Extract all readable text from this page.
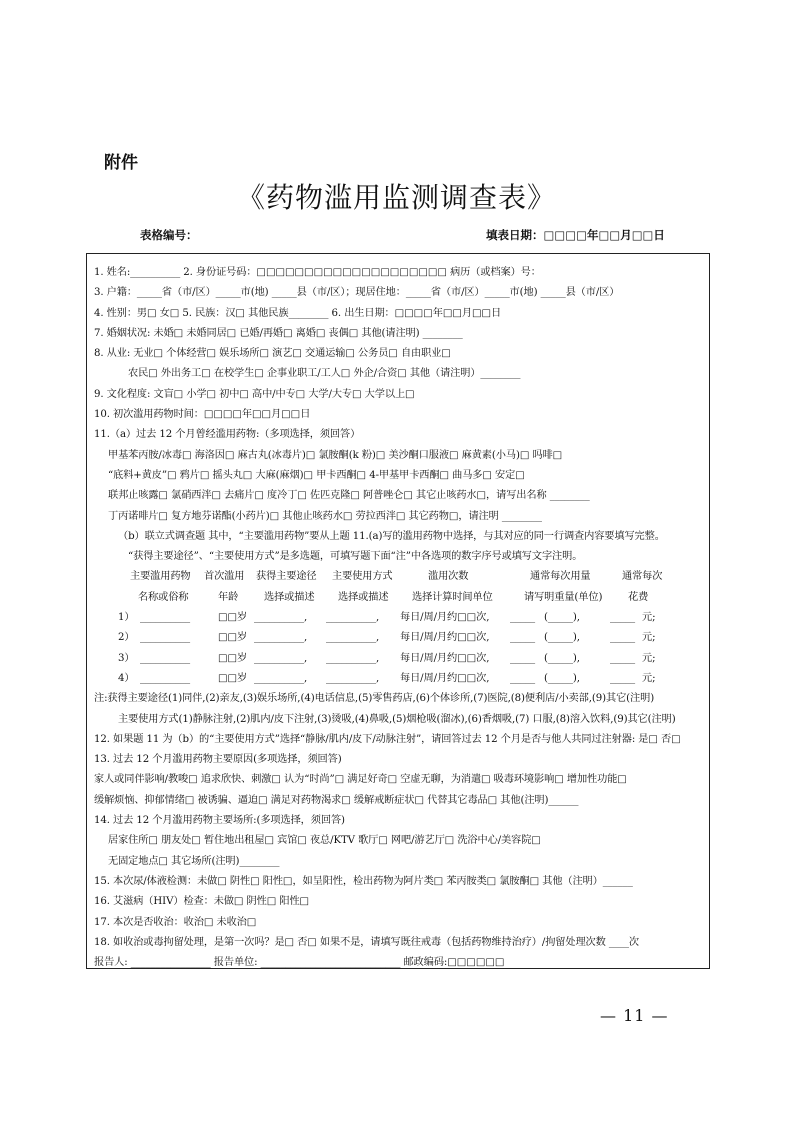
附件
《药物滥用监测调查表》
表格编号：	填表日期：□□□□年□□月□□日
1. 姓名:__________ 2. 身份证号码：□□□□□□□□□□□□□□□□□□□□ 病历（或档案）号：
3. 户籍：_____省（市/区）_____市(地) _____县（市/区）；现居住地：_____省（市/区）_____市(地) _____县（市/区）
4. 性别：男□ 女□ 5. 民族：汉□ 其他民族________ 6. 出生日期：□□□□年□□月□□日
7. 婚姻状况: 未婚□ 未婚同居□ 已婚/再婚□ 离婚□ 丧偶□ 其他(请注明) ________
8. 从业: 无业□ 个体经营□ 娱乐场所□ 演艺□ 交通运输□ 公务员□ 自由职业□
农民□ 外出务工□ 在校学生□ 企事业职工/工人□ 外企/合资□ 其他（请注明）________
9. 文化程度: 文盲□ 小学□ 初中□ 高中/中专□ 大学/大专□ 大学以上□
10. 初次滥用药物时间：□□□□年□□月□□日
11.（a）过去 12 个月曾经滥用药物:（多项选择，须回答）
甲基苯丙胺/冰毒□ 海洛因□ 麻古丸(冰毒片)□ 氯胺酮(k 粉)□ 美沙酮口服液□ 麻黄素(小马)□ 吗啡□
“底料+黄皮”□ 鸦片□ 摇头丸□ 大麻(麻烟)□ 甲卡西酮□ 4-甲基甲卡西酮□ 曲马多□ 安定□
联邦止咳露□ 氯硝西泮□ 去痛片□ 度冷丁□ 佐匹克隆□ 阿普唑仑□ 其它止咳药水□，请写出名称 ________
丁丙诺啡片□ 复方地芬诺酯(小药片)□ 其他止咳药水□ 劳拉西泮□ 其它药物□，请注明 ________
（b）联立式调查题 其中，“主要滥用药物”要从上题 11.(a)写的滥用药物中选择，与其对应的同一行调查内容要填写完整。
“获得主要途径”、“主要使用方式”是多选题，可填写题下面“注”中各选项的数字序号或填写文字注明。
主要滥用药物 首次滥用 获得主要途径 主要使用方式	滥用次数	通常每次用量	通常每次
名称或俗称	年龄	选择或描述 选择或描述 选择计算时间单位	请写明重量(单位)	花费
1） __________	□□岁 __________, __________, 每日/周/月约□□次, _____ (_____),	_____ 元;
2） __________	□□岁 __________, __________, 每日/周/月约□□次, _____ (_____),	_____ 元;
3） __________	□□岁 __________, __________, 每日/周/月约□□次, _____ (_____),	_____ 元;
4） __________	□□岁 __________, __________, 每日/周/月约□□次, _____ (_____),	_____ 元;
注:获得主要途径(1)同伴,(2)亲友,(3)娱乐场所,(4)电话信息,(5)零售药店,(6)个体诊所,(7)医院,(8)便利店/小卖部,(9)其它(注明)
主要使用方式(1)静脉注射,(2)肌内/皮下注射,(3)烫吸,(4)鼻吸,(5)烟枪吸(溜冰),(6)香烟吸,(7) 口服,(8)溶入饮料,(9)其它(注明)
12. 如果题 11 为（b）的“主要使用方式”选择“静脉/肌内/皮下/动脉注射”，请回答过去 12 个月是否与他人共同过注射器: 是□ 否□
13. 过去 12 个月滥用药物主要原因(多项选择，须回答)
家人或同伴影响/教唆□ 追求欣快、刺激□ 认为“时尚”□ 满足好奇□ 空虚无聊，为消遣□ 吸毒环境影响□ 增加性功能□
缓解烦恼、抑郁情绪□ 被诱骗、逼迫□ 满足对药物渴求□ 缓解戒断症状□ 代替其它毒品□ 其他(注明)______
14. 过去 12 个月滥用药物主要场所:(多项选择，须回答)
居家住所□ 朋友处□ 暂住地出租屋□ 宾馆□ 夜总/KTV 歌厅□ 网吧/游艺厅□ 洗浴中心/美容院□
无固定地点□ 其它场所(注明)________
15. 本次尿/体液检测：未做□ 阴性□ 阳性□，如呈阳性，检出药物为阿片类□ 苯丙胺类□ 氯胺酮□ 其他（注明）______
16. 艾滋病（HIV）检查：未做□ 阴性□ 阳性□
17. 本次是否收治：收治□ 未收治□
18. 如收治或毒拘留处理，是第一次吗？是□ 否□ 如果不是，请填写既往戒毒（包括药物维持治疗）/拘留处理次数 ____次
报告人: ________________ 报告单位: ____________________________ 邮政编码:□□□□□□
— 11 —
